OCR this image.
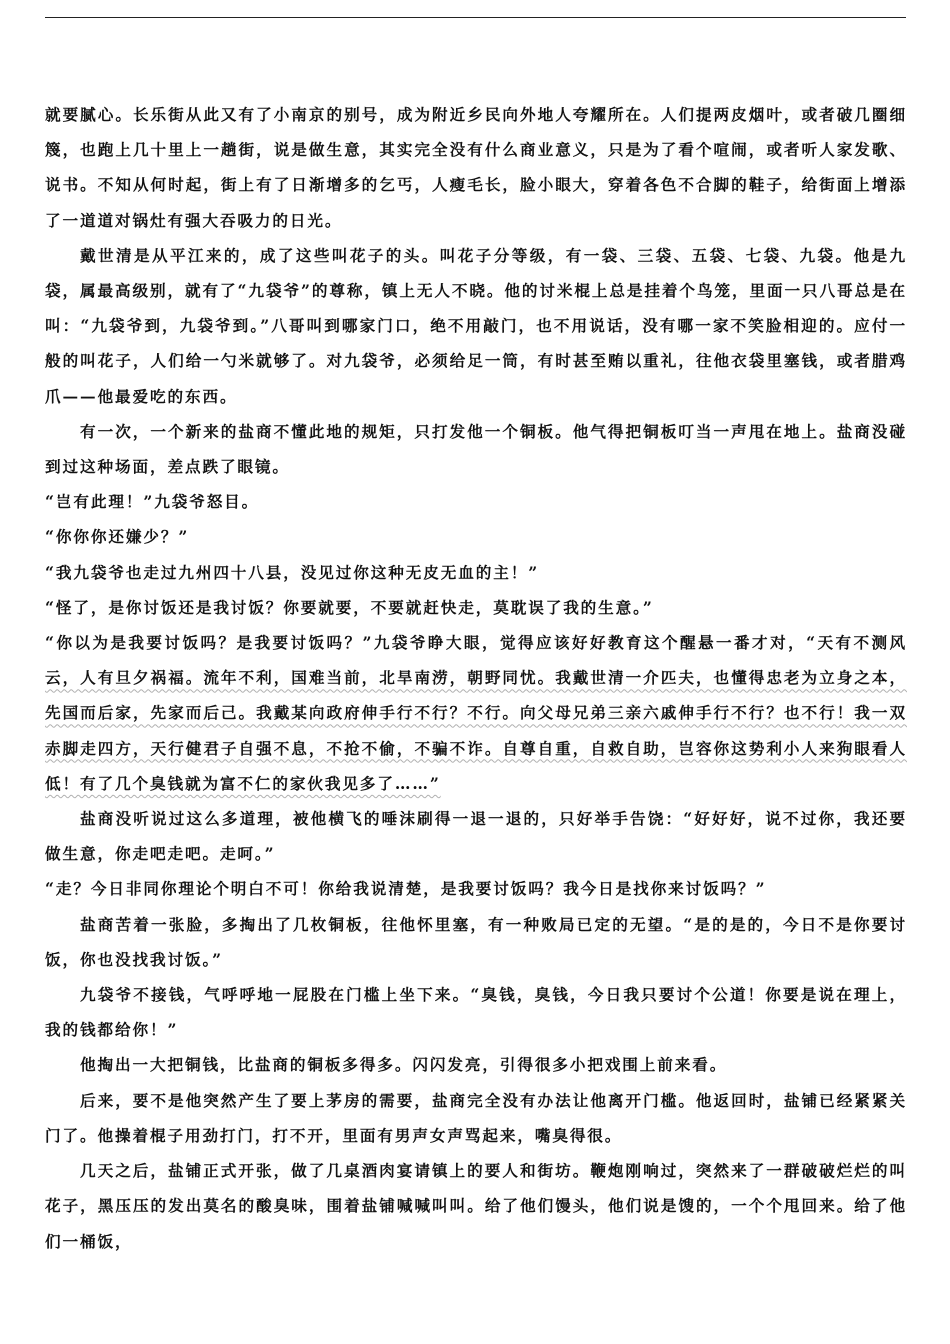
就要腻心。长乐街从此又有了小南京的别号，成为附近乡民向外地人夸耀所在。人们提两皮烟叶，或者破几圈细篾，也跑上几十里上一趟街，说是做生意，其实完全没有什么商业意义，只是为了看个喧闹，或者听人家发歌、说书。不知从何时起，街上有了日渐增多的乞丐，人瘦毛长，脸小眼大，穿着各色不合脚的鞋子，给街面上增添了一道道对锅灶有强大吞吸力的日光。

戴世清是从平江来的，成了这些叫花子的头。叫花子分等级，有一袋、三袋、五袋、七袋、九袋。他是九袋，属最高级别，就有了“九袋爷”的尊称，镇上无人不晓。他的讨米棍上总是挂着个鸟笼，里面一只八哥总是在叫：“九袋爷到，九袋爷到。”八哥叫到哪家门口，绝不用敲门，也不用说话，没有哪一家不笑脸相迎的。应付一般的叫花子，人们给一勺米就够了。对九袋爷，必须给足一筒，有时甚至贿以重礼，往他衣袋里塞钱，或者腊鸡爪——他最爱吃的东西。

有一次，一个新来的盐商不懂此地的规矩，只打发他一个铜板。他气得把铜板叮当一声甩在地上。盐商没碰到过这种场面，差点跌了眼镜。

“岂有此理！”九袋爷怒目。

“你你你还嫌少？”

“我九袋爷也走过九州四十八县，没见过你这种无皮无血的主！”

“怪了，是你讨饭还是我讨饭？你要就要，不要就赶快走，莫耽误了我的生意。”

“你以为是我要讨饭吗？是我要讨饭吗？”九袋爷睁大眼，觉得应该好好教育这个醒悬一番才对，“天有不测风云，人有旦夕祸福。流年不利，国难当前，北旱南涝，朝野同忧。我戴世清一介匹夫，也懂得忠老为立身之本，先国而后家，先家而后己。我戴某向政府伸手行不行？不行。向父母兄弟三亲六戚伸手行不行？也不行！我一双赤脚走四方，天行健君子自强不息，不抢不偷，不骗不诈。自尊自重，自救自助，岂容你这势利小人来狗眼看人低！有了几个臭钱就为富不仁的家伙我见多了……”

盐商没听说过这么多道理，被他横飞的唾沫刷得一退一退的，只好举手告饶：“好好好，说不过你，我还要做生意，你走吧走吧。走呵。”

“走？今日非同你理论个明白不可！你给我说清楚，是我要讨饭吗？我今日是找你来讨饭吗？”

盐商苦着一张脸，多掏出了几枚铜板，往他怀里塞，有一种败局已定的无望。“是的是的，今日不是你要讨饭，你也没找我讨饭。”

九袋爷不接钱，气呼呼地一屁股在门槛上坐下来。“臭钱，臭钱，今日我只要讨个公道！你要是说在理上，我的钱都给你！”

他掏出一大把铜钱，比盐商的铜板多得多。闪闪发亮，引得很多小把戏围上前来看。

后来，要不是他突然产生了要上茅房的需要，盐商完全没有办法让他离开门槛。他返回时，盐铺已经紧紧关门了。他操着棍子用劲打门，打不开，里面有男声女声骂起来，嘴臭得很。

几天之后，盐铺正式开张，做了几桌酒肉宴请镇上的要人和街坊。鞭炮刚响过，突然来了一群破破烂烂的叫花子，黑压压的发出莫名的酸臭味，围着盐铺喊喊叫叫。给了他们馒头，他们说是馊的，一个个甩回来。给了他们一桶饭，
